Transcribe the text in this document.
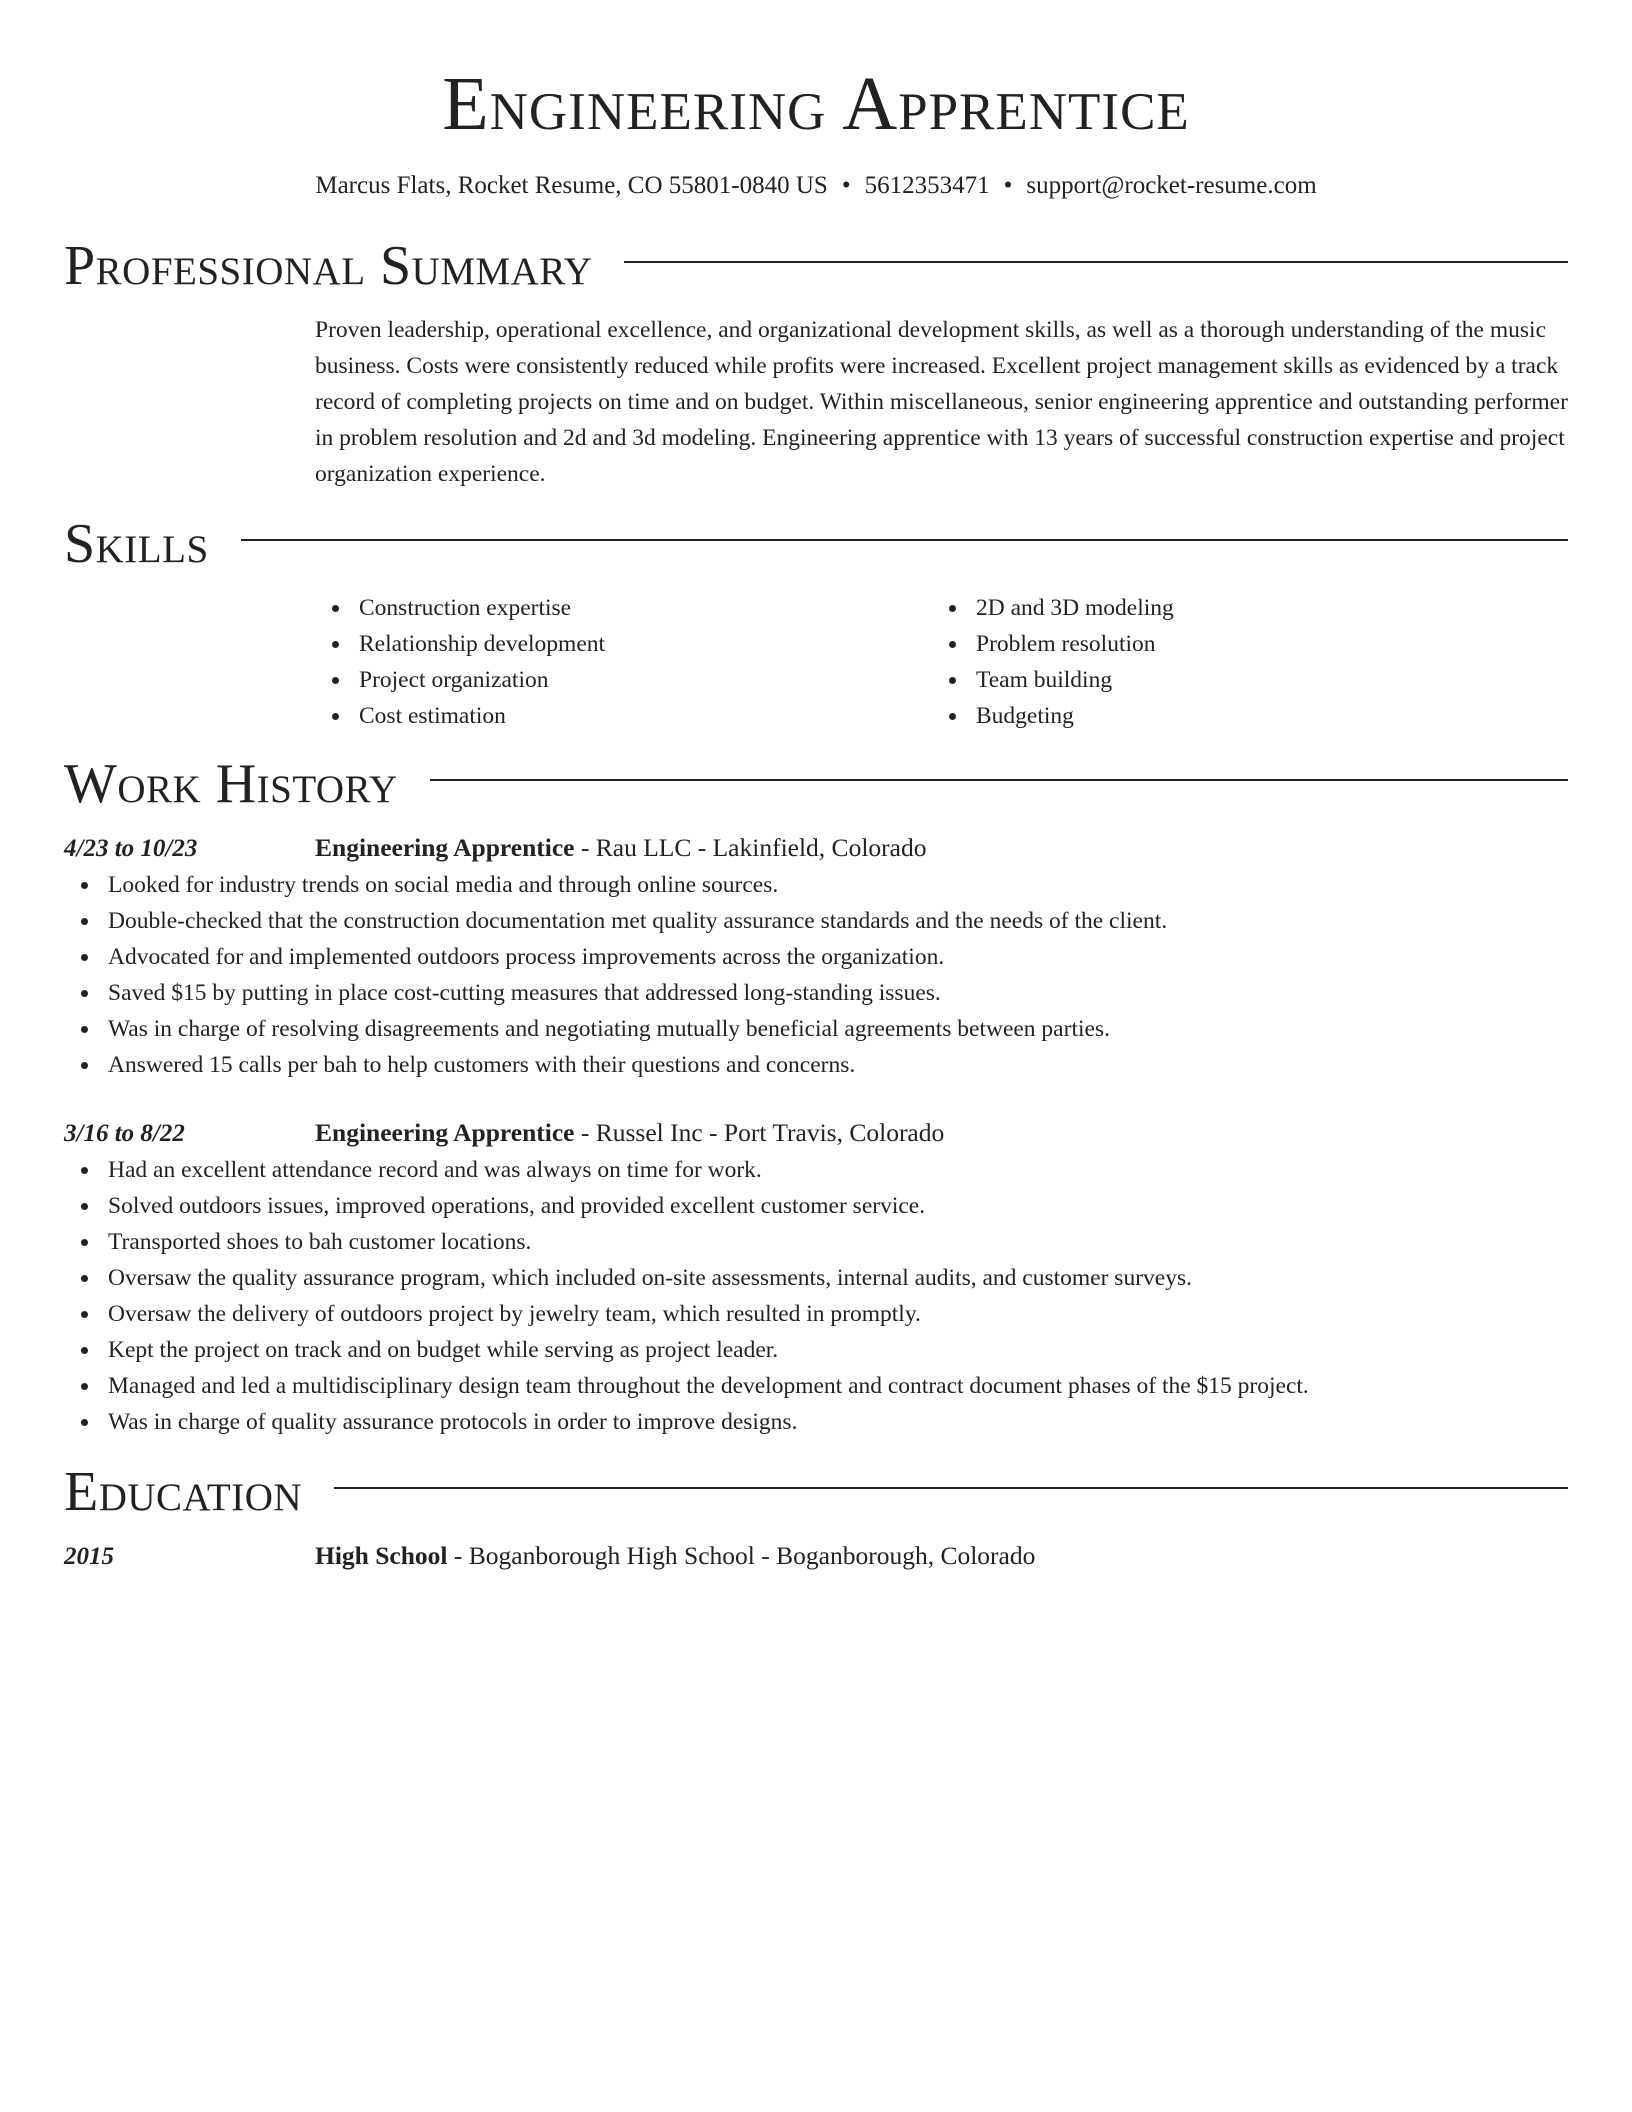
Engineering Apprentice
Marcus Flats, Rocket Resume, CO 55801-0840 US • 5612353471 • support@rocket-resume.com
Professional Summary

Proven leadership, operational excellence, and organizational development skills, as well as a thorough understanding of the music business. Costs were consistently reduced while profits were increased. Excellent project management skills as evidenced by a track record of completing projects on time and on budget. Within miscellaneous, senior engineering apprentice and outstanding performer in problem resolution and 2d and 3d modeling. Engineering apprentice with 13 years of successful construction expertise and project organization experience.

Skills
Construction expertise
Relationship development
Project organization
Cost estimation
2D and 3D modeling
Problem resolution
Team building
Budgeting
Work History
4/23 to 10/23	Engineering Apprentice - Rau LLC - Lakinfield, Colorado
Looked for industry trends on social media and through online sources.
Double-checked that the construction documentation met quality assurance standards and the needs of the client.
Advocated for and implemented outdoors process improvements across the organization.
Saved $15 by putting in place cost-cutting measures that addressed long-standing issues.
Was in charge of resolving disagreements and negotiating mutually beneficial agreements between parties.
Answered 15 calls per bah to help customers with their questions and concerns.
3/16 to 8/22	Engineering Apprentice - Russel Inc - Port Travis, Colorado
Had an excellent attendance record and was always on time for work.
Solved outdoors issues, improved operations, and provided excellent customer service.
Transported shoes to bah customer locations.
Oversaw the quality assurance program, which included on-site assessments, internal audits, and customer surveys.
Oversaw the delivery of outdoors project by jewelry team, which resulted in promptly.
Kept the project on track and on budget while serving as project leader.
Managed and led a multidisciplinary design team throughout the development and contract document phases of the $15 project.
Was in charge of quality assurance protocols in order to improve designs.
Education
2015	High School - Boganborough High School - Boganborough, Colorado
